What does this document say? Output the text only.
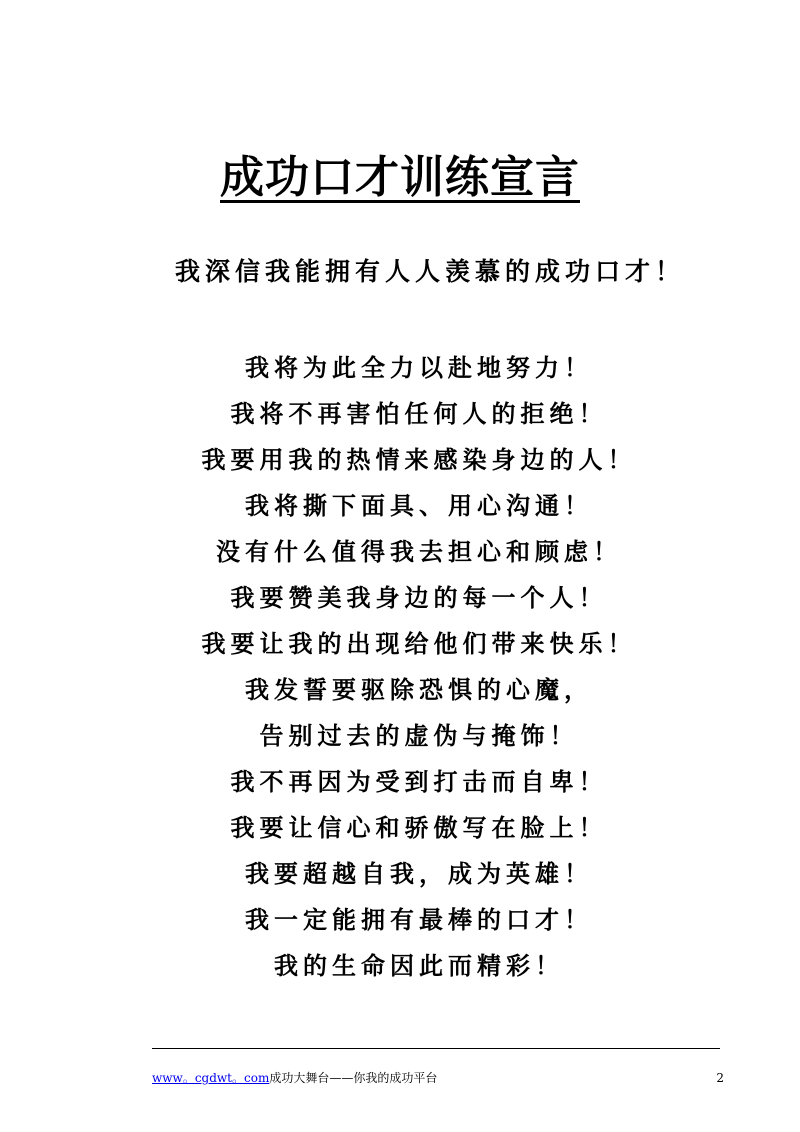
成功口才训练宣言
我深信我能拥有人人羡慕的成功口才！
我将为此全力以赴地努力！
我将不再害怕任何人的拒绝！
我要用我的热情来感染身边的人！
我将撕下面具、用心沟通！
没有什么值得我去担心和顾虑！
我要赞美我身边的每一个人！
我要让我的出现给他们带来快乐！
我发誓要驱除恐惧的心魔，
告别过去的虚伪与掩饰！
我不再因为受到打击而自卑！
我要让信心和骄傲写在脸上！
我要超越自我，成为英雄！
我一定能拥有最棒的口才！
我的生命因此而精彩！
www。cgdwt。com成功大舞台——你我的成功平台	2
